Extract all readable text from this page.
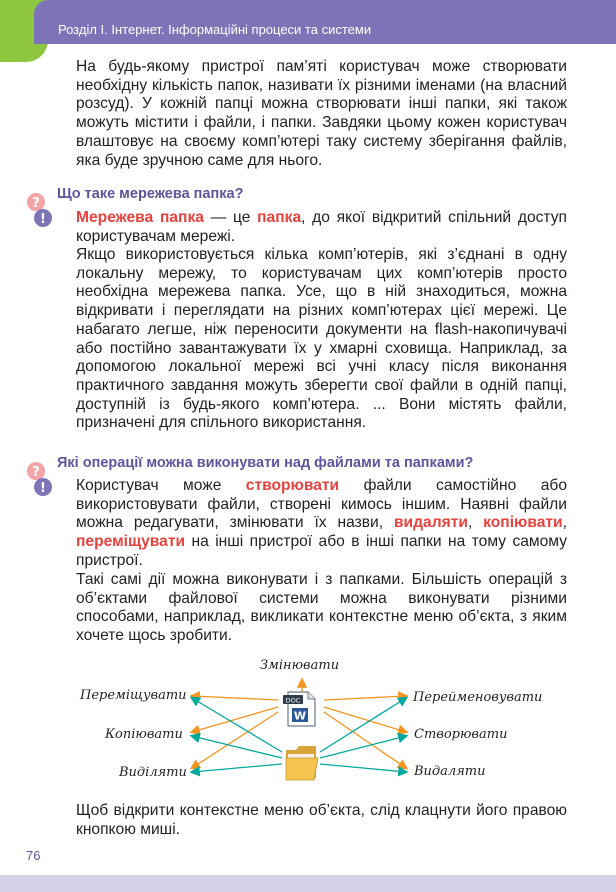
Розділ І. Інтернет. Інформаційні процеси та системи

На будь-якому пристрої пам’яті користувач може створювати необхідну кількість папок, називати їх різними іменами (на власний розсуд). У кожній папці можна створювати інші папки, які також можуть містити і файли, і папки. Завдяки цьому кожен користувач влаштовує на своєму комп’ютері таку систему зберігання файлів, яка буде зручною саме для нього.

?
!
Що таке мережева папка?

Мережева папка — це папка, до якої відкритий спільний доступ користувачам мережі.

Якщо використовується кілька комп’ютерів, які з’єднані в одну локальну мережу, то користувачам цих комп’ютерів просто необхідна мережева папка. Усе, що в ній знаходиться, можна відкривати і переглядати на різних комп’ютерах цієї мережі. Це набагато легше, ніж переносити документи на flash-накопичувачі або постійно завантажувати їх у хмарні сховища. Наприклад, за допомогою локальної мережі всі учні класу після виконання практичного завдання можуть зберегти свої файли в одній папці, доступній із будь-якого комп’ютера. ... Вони містять файли, призначені для спільного використання.

?
!
Які операції можна виконувати над файлами та папками?

Користувач може створювати файли самостійно або використовувати файли, створені кимось іншим. Наявні файли можна редагувати, змінювати їх назви, видаляти, копіювати, переміщувати на інші пристрої або в інші папки на тому самому пристрої.

Такі самі дії можна виконувати і з папками. Більшість операцій з об’єктами файлової системи можна виконувати різними способами, наприклад, викликати контекстне меню об’єкта, з яким хочете щось зробити.

DOC
W
Змінювати
Переміщувати
Копіювати
Виділяти
Перейменовувати
Створювати
Видаляти

Щоб відкрити контекстне меню об’єкта, слід клацнути його правою кнопкою миші.

76
